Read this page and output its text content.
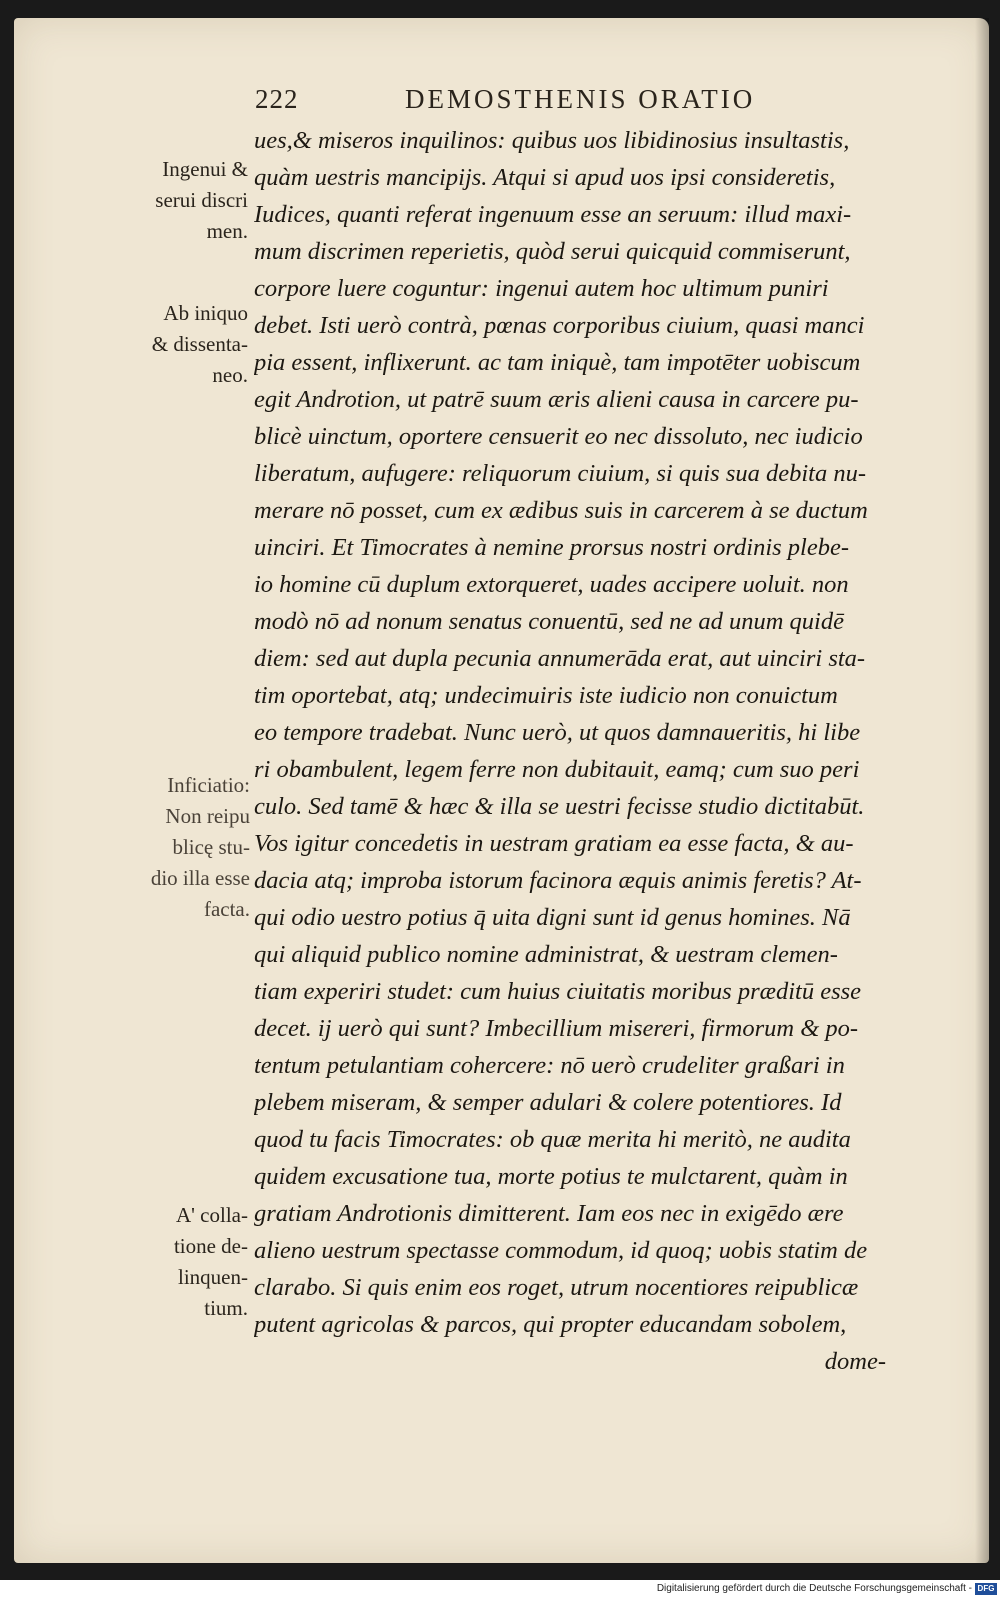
222	DEMOSTHENIS ORATIO
ues,& miseros inquilinos: quibus uos libidinosius insultastis,
quàm uestris mancipijs. Atqui si apud uos ipsi consideretis,
Iudices, quanti referat ingenuum esse an seruum: illud maxi-
mum discrimen reperietis, quòd serui quicquid commiserunt,
corpore luere coguntur: ingenui autem hoc ultimum puniri
debet. Isti uerò contrà, pœnas corporibus ciuium, quasi manci
pia essent, inflixerunt. ac tam iniquè, tam impotēter uobiscum
egit Androtion, ut patrē suum æris alieni causa in carcere pu-
blicè uinctum, oportere censuerit eo nec dissoluto, nec iudicio
liberatum, aufugere: reliquorum ciuium, si quis sua debita nu-
merare nō posset, cum ex ædibus suis in carcerem à se ductum
uinciri. Et Timocrates à nemine prorsus nostri ordinis plebe-
io homine cū duplum extorqueret, uades accipere uoluit. non
modò nō ad nonum senatus conuentū, sed ne ad unum quidē
diem: sed aut dupla pecunia annumerāda erat, aut uinciri sta-
tim oportebat, atq; undecimuiris iste iudicio non conuictum
eo tempore tradebat. Nunc uerò, ut quos damnaueritis, hi libe
ri obambulent, legem ferre non dubitauit, eamq; cum suo peri
culo. Sed tamē & hæc & illa se uestri fecisse studio dictitabūt.
Vos igitur concedetis in uestram gratiam ea esse facta, & au-
dacia atq; improba istorum facinora æquis animis feretis? At-
qui odio uestro potius q̄ uita digni sunt id genus homines. Nā
qui aliquid publico nomine administrat, & uestram clemen-
tiam experiri studet: cum huius ciuitatis moribus præditū esse
decet. ij uerò qui sunt? Imbecillium misereri, firmorum & po-
tentum petulantiam cohercere: nō uerò crudeliter graßari in
plebem miseram, & semper adulari & colere potentiores. Id
quod tu facis Timocrates: ob quæ merita hi meritò, ne audita
quidem excusatione tua, morte potius te mulctarent, quàm in
gratiam Androtionis dimitterent. Iam eos nec in exigēdo ære
alieno uestrum spectasse commodum, id quoq; uobis statim de
clarabo. Si quis enim eos roget, utrum nocentiores reipublicæ
putent agricolas & parcos, qui propter educandam sobolem,
dome-
Ingenui &
serui discri
men.
Ab iniquo
& dissenta-
neo.
Inficiatio:
Non reipu
blicę stu-
dio illa esse
facta.
A' colla-
tione de-
linquen-
tium.
Digitalisierung gefördert durch die Deutsche Forschungsgemeinschaft - DFG
